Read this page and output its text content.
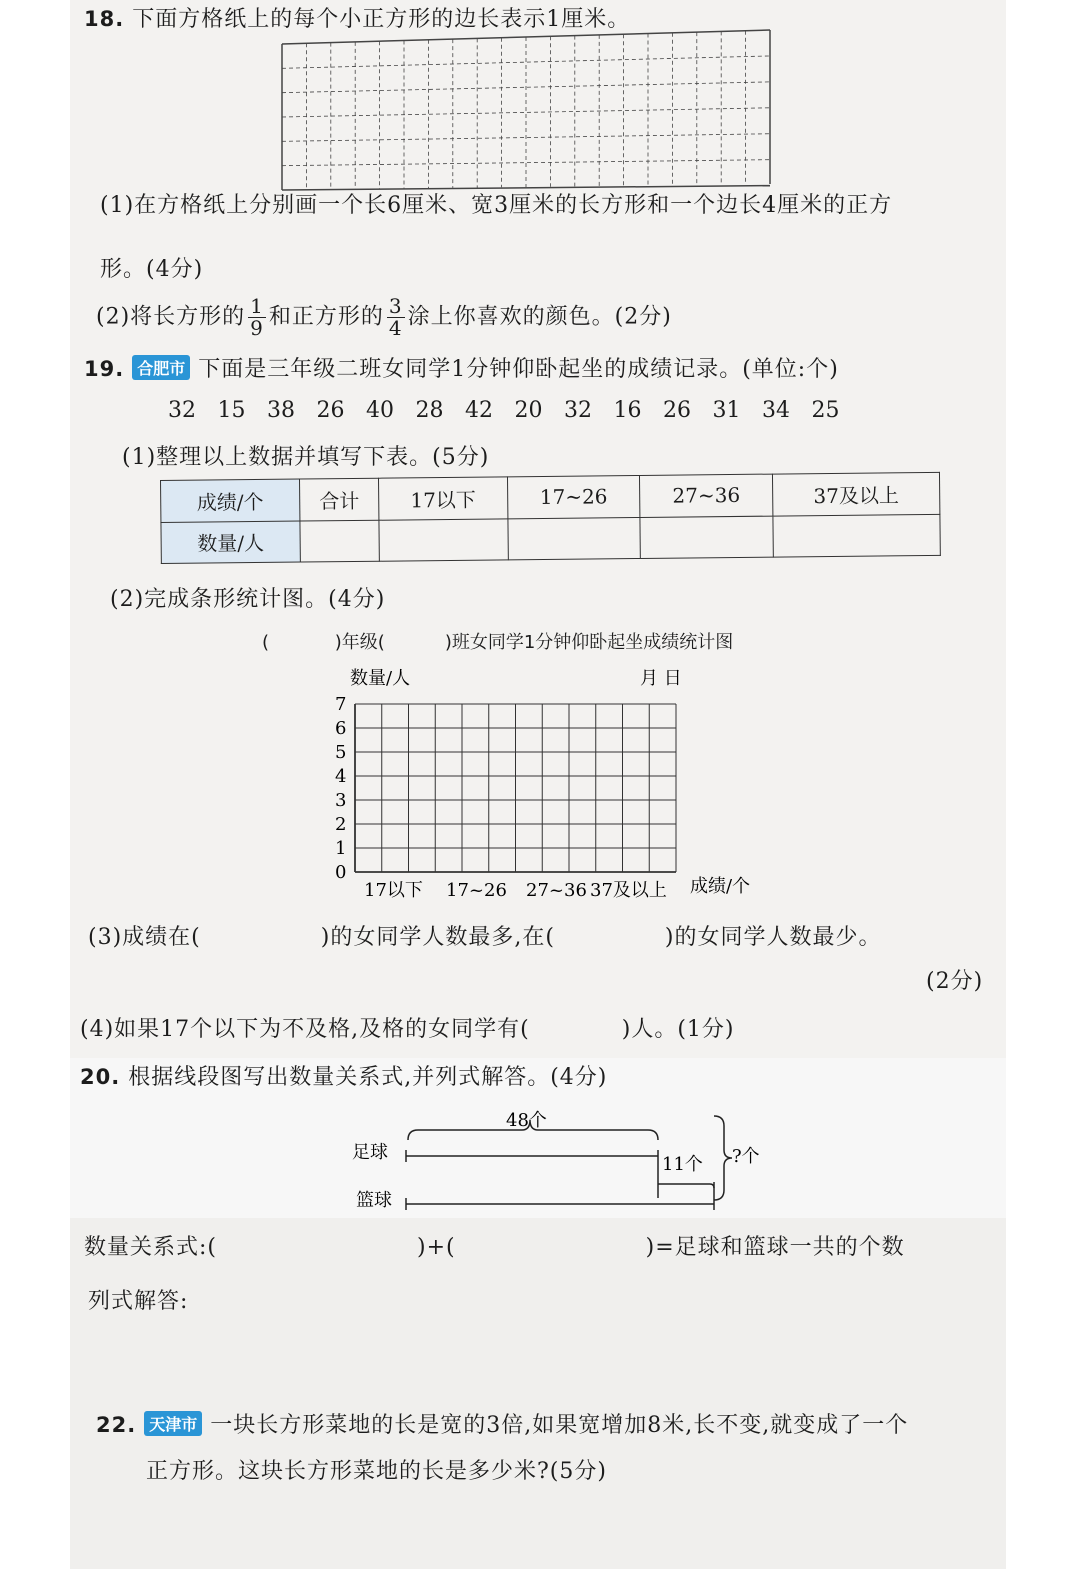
18. 下面方格纸上的每个小正方形的边长表示1厘米。
(1)在方格纸上分别画一个长6厘米、宽3厘米的长方形和一个边长4厘米的正方
形。(4分)
(2)将长方形的 $\frac{1}{9}$ 和正方形的 $\frac{3}{4}$ 涂上你喜欢的颜色。(2分)
19. 合肥市 下面是三年级二班女同学1分钟仰卧起坐的成绩记录。(单位:个)
32 15 38 26 40 28 42 20 32 16 26 31 34 25
(1)整理以上数据并填写下表。(5分)
成绩/个	合计	17以下	17~26	27~36	37及以上
数量/人					
(2)完成条形统计图。(4分)
(	)年级(	)班女同学1分钟仰卧起坐成绩统计图
数量/人	月 日
0
1
2
3
4
5
6
7
17以下 17~26 27~36 37及以上 成绩/个
(3)成绩在(	)的女同学人数最多,在(	)的女同学人数最少。
(2分)
(4)如果17个以下为不及格,及格的女同学有(	)人。(1分)
20. 根据线段图写出数量关系式,并列式解答。(4分)
48个
足球
11个 ?个
篮球
数量关系式:(	)+(	)=足球和篮球一共的个数
列式解答:
22. 天津市 一块长方形菜地的长是宽的3倍,如果宽增加8米,长不变,就变成了一个
正方形。这块长方形菜地的长是多少米?(5分)
